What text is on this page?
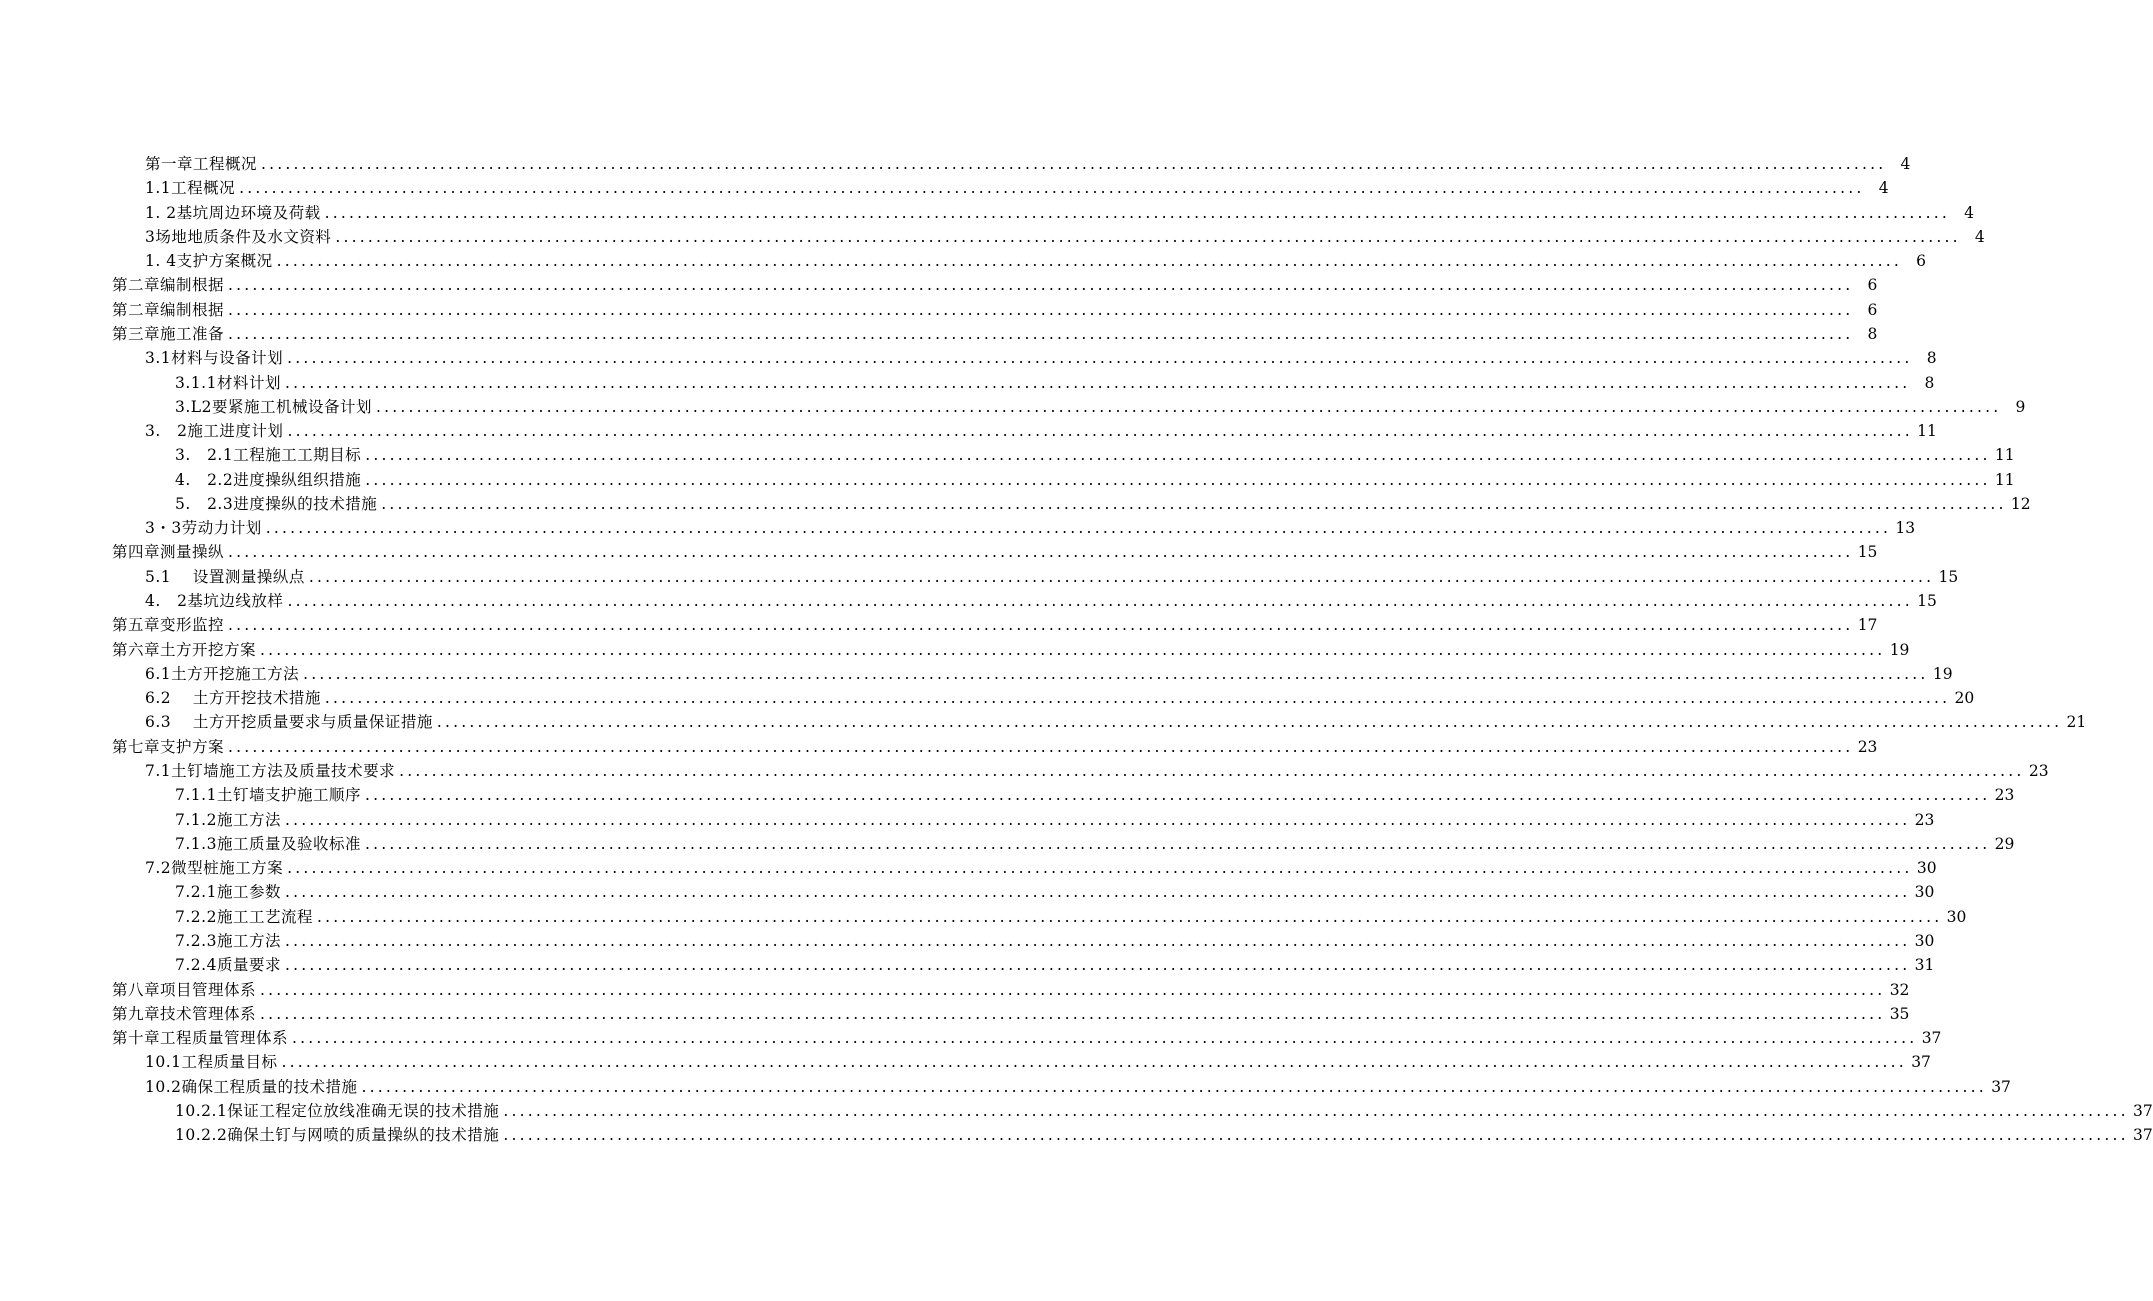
第一章工程概况 ........................................................................................................................................................................................................ 4
1.1工程概况 ........................................................................................................................................................................................................ 4
1. 2基坑周边环境及荷载 ........................................................................................................................................................................................................ 4
3场地地质条件及水文资料 ........................................................................................................................................................................................................ 4
1. 4支护方案概况 ........................................................................................................................................................................................................ 6
第二章编制根据 ........................................................................................................................................................................................................ 6
第二章编制根据 ........................................................................................................................................................................................................ 6
第三章施工准备 ........................................................................................................................................................................................................ 8
3.1材料与设备计划 ........................................................................................................................................................................................................ 8
3.1.1材料计划 ........................................................................................................................................................................................................ 8
3.L2要紧施工机械设备计划 ........................................................................................................................................................................................................ 9
3.   2施工进度计划 ........................................................................................................................................................................................................ 11
3.   2.1工程施工工期目标 ........................................................................................................................................................................................................ 11
4.   2.2进度操纵组织措施 ........................................................................................................................................................................................................ 11
5.   2.3进度操纵的技术措施 ........................................................................................................................................................................................................ 12
3・3劳动力计划 ........................................................................................................................................................................................................ 13
第四章测量操纵 ........................................................................................................................................................................................................ 15
5.1    设置测量操纵点 ........................................................................................................................................................................................................ 15
4.   2基坑边线放样 ........................................................................................................................................................................................................ 15
第五章变形监控 ........................................................................................................................................................................................................ 17
第六章土方开挖方案 ........................................................................................................................................................................................................ 19
6.1土方开挖施工方法 ........................................................................................................................................................................................................ 19
6.2    土方开挖技术措施 ........................................................................................................................................................................................................ 20
6.3    土方开挖质量要求与质量保证措施 ........................................................................................................................................................................................................ 21
第七章支护方案 ........................................................................................................................................................................................................ 23
7.1土钉墙施工方法及质量技术要求 ........................................................................................................................................................................................................ 23
7.1.1土钉墙支护施工顺序 ........................................................................................................................................................................................................ 23
7.1.2施工方法 ........................................................................................................................................................................................................ 23
7.1.3施工质量及验收标准 ........................................................................................................................................................................................................ 29
7.2微型桩施工方案 ........................................................................................................................................................................................................ 30
7.2.1施工参数 ........................................................................................................................................................................................................ 30
7.2.2施工工艺流程 ........................................................................................................................................................................................................ 30
7.2.3施工方法 ........................................................................................................................................................................................................ 30
7.2.4质量要求 ........................................................................................................................................................................................................ 31
第八章项目管理体系 ........................................................................................................................................................................................................ 32
第九章技术管理体系 ........................................................................................................................................................................................................ 35
第十章工程质量管理体系 ........................................................................................................................................................................................................ 37
10.1工程质量目标 ........................................................................................................................................................................................................ 37
10.2确保工程质量的技术措施 ........................................................................................................................................................................................................ 37
10.2.1保证工程定位放线准确无误的技术措施 ........................................................................................................................................................................................................ 37
10.2.2确保土钉与网喷的质量操纵的技术措施 ........................................................................................................................................................................................................ 37
